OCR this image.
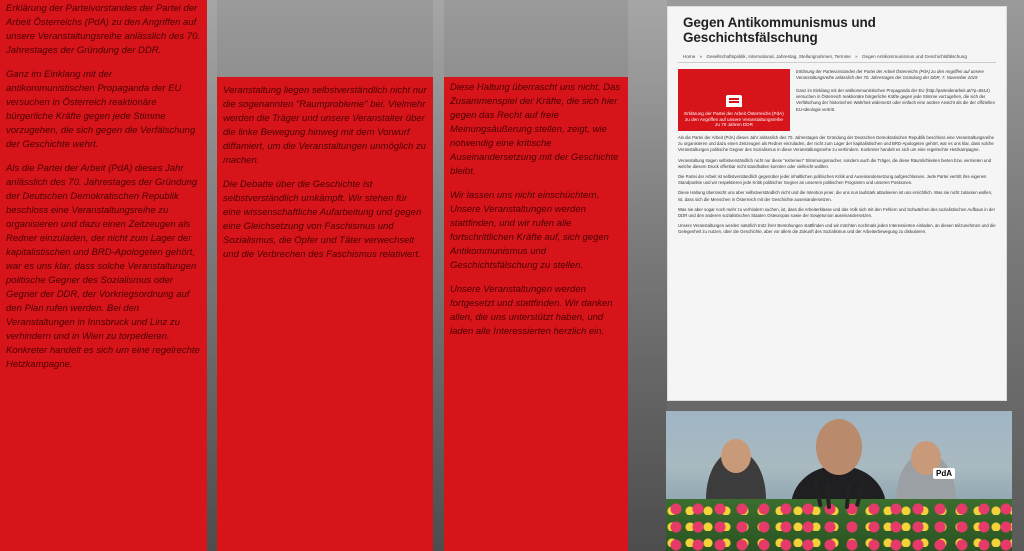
Erklärung der Parteivorstandes der Partei der Arbeit Österreichs (PdA) zu den Angriffen auf unsere Veranstaltungsreihe anlässlich des 70. Jahrestages der Gründung der DDR.

Ganz im Einklang mit der antikommunistischen Propaganda der EU versuchen in Österreich reaktionäre bürgerliche Kräfte gegen jede Stimme vorzugehen, die sich gegen die Verfälschung der Geschichte wehrt.

Als die Partei der Arbeit (PdA) dieses Jahr anlässlich des 70. Jahrestages der Gründung der Deutschen Demokratischen Republik beschloss eine Veranstaltungsreihe zu organisieren und dazu einen Zeitzeugen als Redner einzuladen, der nicht zum Lager der kapitalistischen und BRD-Apologeten gehört, war es uns klar, dass solche Veranstaltungen politische Gegner des Sozialismus oder Gegner der DDR, der Vorkriegsordnung auf den Plan rufen werden. Bei den Veranstaltungen in Innsbruck und Linz zu verhindern und in Wien zu torpedieren. Konkreter handelt es sich um eine regelrechte Hetzkampagne.

Veranstaltung liegen selbstverständlich nicht nur die sogenannten "Raumprobleme" bei. Vielmehr werden die Träger und unsere Veranstalter über die linke Bewegung hinweg mit dem Vorwurf diffamiert, um die Veranstaltungen unmöglich zu machen.

Die Debatte über die Geschichte ist selbstverständlich umkämpft. Wir stehen für eine wissenschaftliche Aufarbeitung und gegen eine Gleichsetzung von Faschismus und Sozialismus, die Opfer und Täter verwechselt und die Verbrechen des Faschismus relativiert.

Diese Haltung überrascht uns nicht. Das Zusammenspiel der Kräfte, die sich hier gegen das Recht auf freie Meinungsäußerung stellen, zeigt, wie notwendig eine kritische Auseinandersetzung mit der Geschichte bleibt.

Wir lassen uns nicht einschüchtern. Unsere Veranstaltungen werden stattfinden, und wir rufen alle fortschrittlichen Kräfte auf, sich gegen Antikommunismus und Geschichtsfälschung zu stellen.

Unsere Veranstaltungen werden fortgesetzt und stattfinden. Wir danken allen, die uns unterstützt haben, und laden alle Interessierten herzlich ein.

Gegen Antikommunismus und Geschichtsfälschung
Home » Gesellschaftspolitik, International, Jahrestag, Stellungnahmen, Termine » Gegen Antikommunismus und Geschichtsfälschung
Erklärung der Partei der Arbeit Österreichs (PdA) zu den Angriffen auf unsere Veranstaltungsreihe zu 70 Jahren DDR
Erklärung der Parteivorstandes der Partei der Arbeit Österreichs (PdA) zu den Angriffen auf unsere Veranstaltungsreihe anlässlich des 70. Jahrestages der Gründung der DDR, 7. November 2019

Ganz im Einklang mit der antikommunistischen Propaganda der EU (http://parteiderarbeit.at/?p=5514) versuchen in Österreich reaktionäre bürgerliche Kräfte gegen jede Stimme vorzugehen, die sich der Verfälschung der historischen Wahrheit widersetzt oder einfach eine andere Ansicht als die der offiziellen EU-Ideologie vertritt.

Als die Partei der Arbeit (PdA) dieses Jahr anlässlich des 70. Jahrestages der Gründung der Deutschen Demokratischen Republik beschloss eine Veranstaltungsreihe zu organisieren und dazu einen Zeitzeugen als Redner einzuladen, der nicht zum Lager der kapitalistischen und BRD-Apologeten gehört, war es uns klar, dass solche Veranstaltungen politische Gegner des Sozialismus in diese Veranstaltungsreihe zu verhindern. Konkreter handelt es sich um eine regelrechte Hetzkampagne.

Veranstaltung tragen selbstverständlich nicht nur diese "extremen" Stimmungsmacher, sondern auch die Träger, die diese Räumlichkeiten bieten bzw. vermieten und welche diesem Druck offenbar nicht standhalten konnten oder vielleicht wollten.

Die Partei der Arbeit ist selbstverständlich gegenüber jeder inhaltlichen politischen Kritik und Auseinandersetzung aufgeschlossen. Jede Partei vertritt ihre eigenen Standpunkte und wir respektieren jede Kritik politischer Gegner an unserem politischen Programm und unseren Positionen.

Diese Haltung überrascht uns aber selbstverständlich nicht und die Intention jener, die uns nun laufstark attackieren ist uns ersichtlich. Was sie nicht zulassen wollen, ist, dass sich die Menschen in Österreich mit der Geschichte auseinandersetzen.

Was sie aber sogar noch mehr zu verhindern suchen, ist, dass die Arbeiterklasse und das Volk sich mit den Fehlern und Schwächen des sozialistischen Aufbaus in der DDR und den anderen sozialistischen Staaten Osteuropas sowie der Sowjetunion auseinandersetzen.

Unsere Veranstaltungen werden natürlich trotz ihrer Bemühungen stattfinden und wir möchten nochmals jeden Interessierten einladen, an diesen teilzunehmen und die Gelegenheit zu nutzen, über die Geschichte, aber vor allem die Zukunft des Sozialismus und der Arbeiterbewegung zu diskutieren.

PdA
